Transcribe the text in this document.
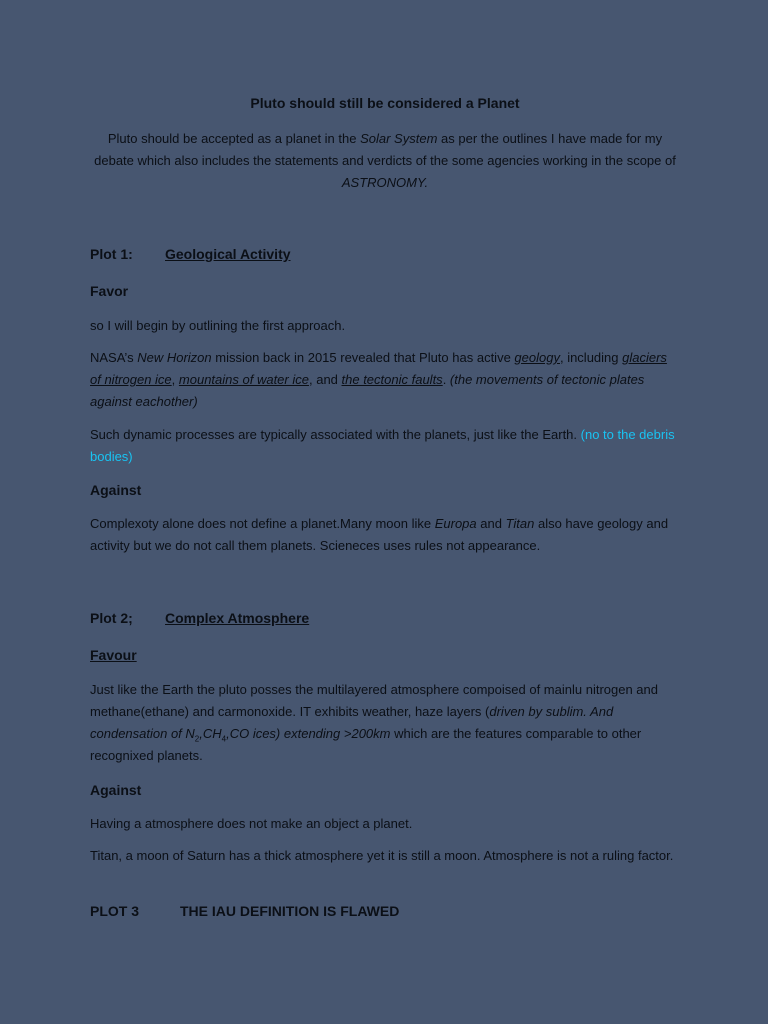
Pluto should still be considered a Planet
Pluto should be accepted as a planet in the Solar System as per the outlines I have made for my debate which also includes the statements and verdicts of the some agencies working in the scope of ASTRONOMY.
Plot 1: Geological Activity
Favor
so I will begin by outlining the first approach.
NASA’s New Horizon mission back in 2015 revealed that Pluto has active geology, including glaciers of nitrogen ice, mountains of water ice, and the tectonic faults. (the movements of tectonic plates against eachother)
Such dynamic processes are typically associated with the planets, just like the Earth. (no to the debris bodies)
Against
Complexoty alone does not define a planet.Many moon like Europa and Titan also have geology and activity but we do not call them planets. Scieneces uses rules not appearance.
Plot 2; Complex Atmosphere
Favour
Just like the Earth the pluto posses the multilayered atmosphere compoised of mainlu nitrogen and methane(ethane) and carmonoxide. IT exhibits weather, haze layers (driven by sublim. And condensation of $N_2,CH_4,CO$ ices) extending >200km which are the features comparable to other recognixed planets.
Against
Having a atmosphere does not make an object a planet.
Titan, a moon of Saturn has a thick atmosphere yet it is still a moon. Atmosphere is not a ruling factor.
PLOT 3	THE IAU DEFINITION IS FLAWED
